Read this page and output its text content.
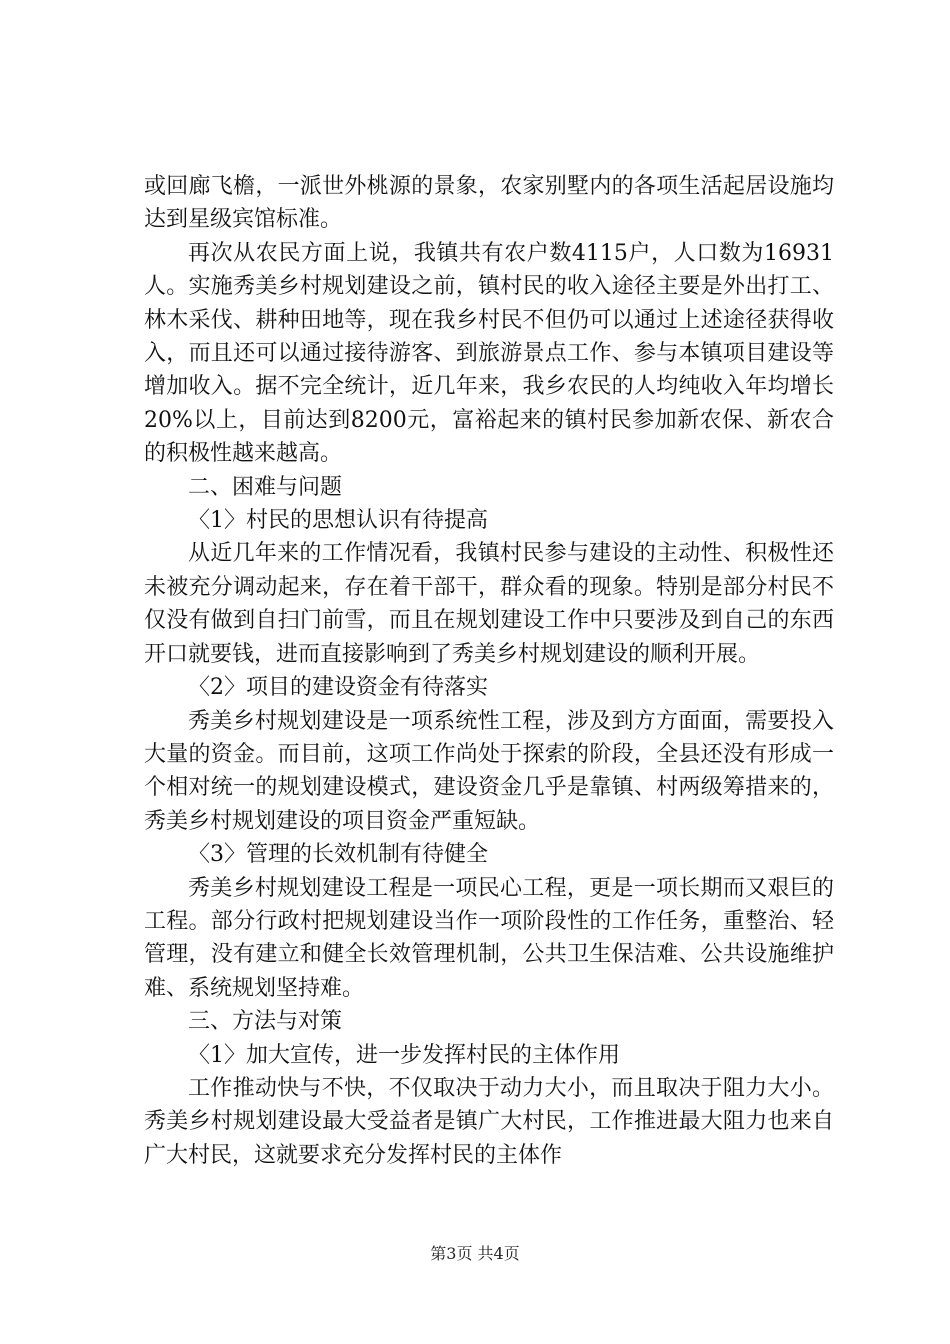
或回廊飞檐，一派世外桃源的景象，农家别墅内的各项生活起居设施均达到星级宾馆标准。

再次从农民方面上说，我镇共有农户数4115户，人口数为16931人。实施秀美乡村规划建设之前，镇村民的收入途径主要是外出打工、林木采伐、耕种田地等，现在我乡村民不但仍可以通过上述途径获得收入，而且还可以通过接待游客、到旅游景点工作、参与本镇项目建设等增加收入。据不完全统计，近几年来，我乡农民的人均纯收入年均增长20%以上，目前达到8200元，富裕起来的镇村民参加新农保、新农合的积极性越来越高。

二、困难与问题

〈1〉村民的思想认识有待提高

从近几年来的工作情况看，我镇村民参与建设的主动性、积极性还未被充分调动起来，存在着干部干，群众看的现象。特别是部分村民不仅没有做到自扫门前雪，而且在规划建设工作中只要涉及到自己的东西开口就要钱，进而直接影响到了秀美乡村规划建设的顺利开展。

〈2〉项目的建设资金有待落实

秀美乡村规划建设是一项系统性工程，涉及到方方面面，需要投入大量的资金。而目前，这项工作尚处于探索的阶段，全县还没有形成一个相对统一的规划建设模式，建设资金几乎是靠镇、村两级筹措来的，秀美乡村规划建设的项目资金严重短缺。

〈3〉管理的长效机制有待健全

秀美乡村规划建设工程是一项民心工程，更是一项长期而又艰巨的工程。部分行政村把规划建设当作一项阶段性的工作任务，重整治、轻管理，没有建立和健全长效管理机制，公共卫生保洁难、公共设施维护难、系统规划坚持难。

三、方法与对策

〈1〉加大宣传，进一步发挥村民的主体作用

工作推动快与不快，不仅取决于动力大小，而且取决于阻力大小。秀美乡村规划建设最大受益者是镇广大村民，工作推进最大阻力也来自广大村民，这就要求充分发挥村民的主体作

第3页 共4页
